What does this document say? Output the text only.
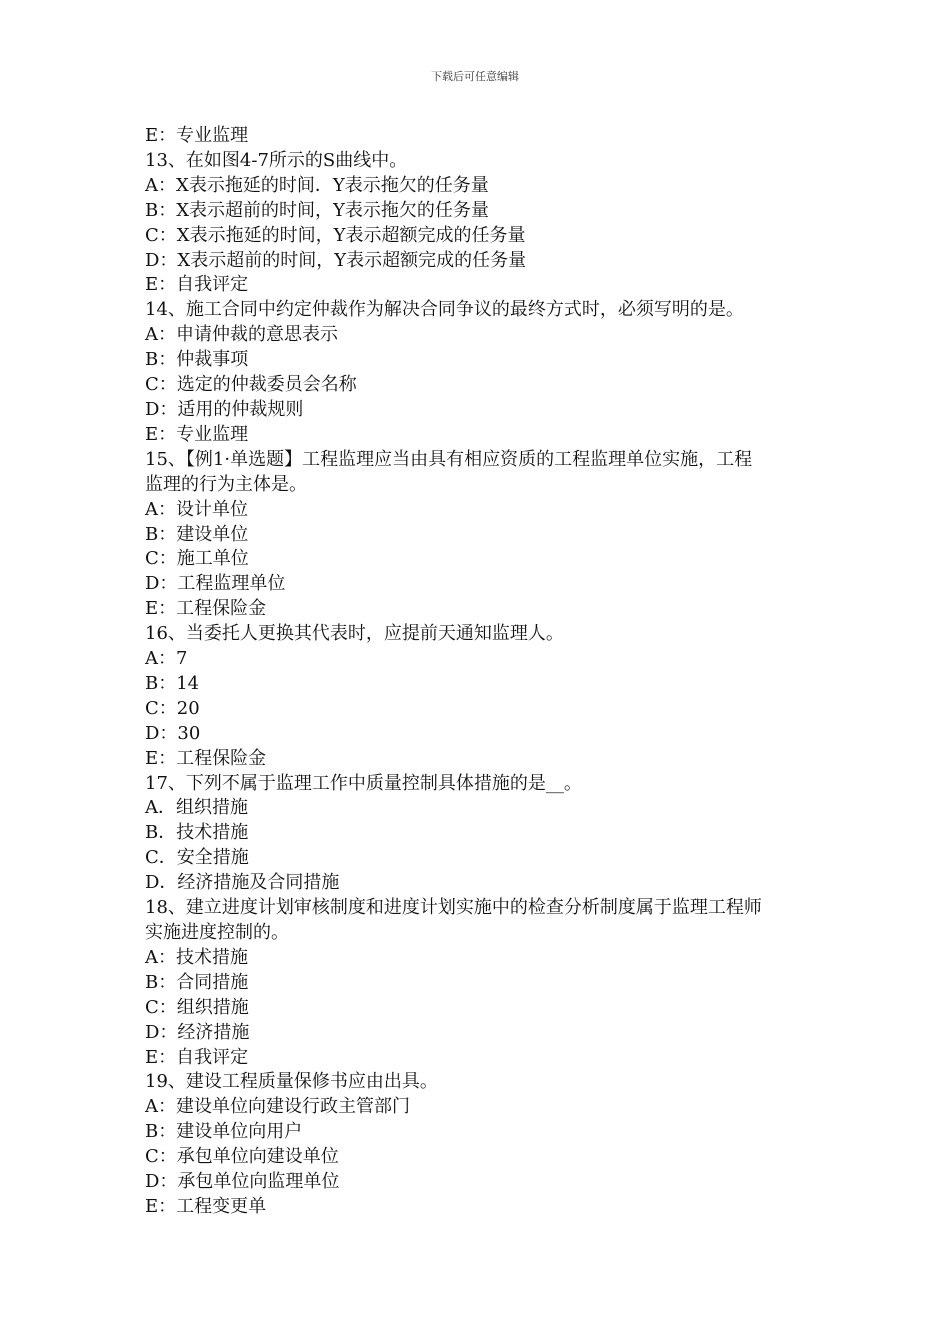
下载后可任意编辑
E：专业监理
13、在如图4-7所示的S曲线中。
A：X表示拖延的时间．Y表示拖欠的任务量
B：X表示超前的时间，Y表示拖欠的任务量
C：X表示拖延的时间，Y表示超额完成的任务量
D：X表示超前的时间，Y表示超额完成的任务量
E：自我评定
14、施工合同中约定仲裁作为解决合同争议的最终方式时，必须写明的是。
A：申请仲裁的意思表示
B：仲裁事项
C：选定的仲裁委员会名称
D：适用的仲裁规则
E：专业监理
15、【例1·单选题】工程监理应当由具有相应资质的工程监理单位实施，工程
监理的行为主体是。
A：设计单位
B：建设单位
C：施工单位
D：工程监理单位
E：工程保险金
16、当委托人更换其代表时，应提前天通知监理人。
A：7
B：14
C：20
D：30
E：工程保险金
17、下列不属于监理工作中质量控制具体措施的是__。
A．组织措施
B．技术措施
C．安全措施
D．经济措施及合同措施
18、建立进度计划审核制度和进度计划实施中的检查分析制度属于监理工程师
实施进度控制的。
A：技术措施
B：合同措施
C：组织措施
D：经济措施
E：自我评定
19、建设工程质量保修书应由出具。
A：建设单位向建设行政主管部门
B：建设单位向用户
C：承包单位向建设单位
D：承包单位向监理单位
E：工程变更单
